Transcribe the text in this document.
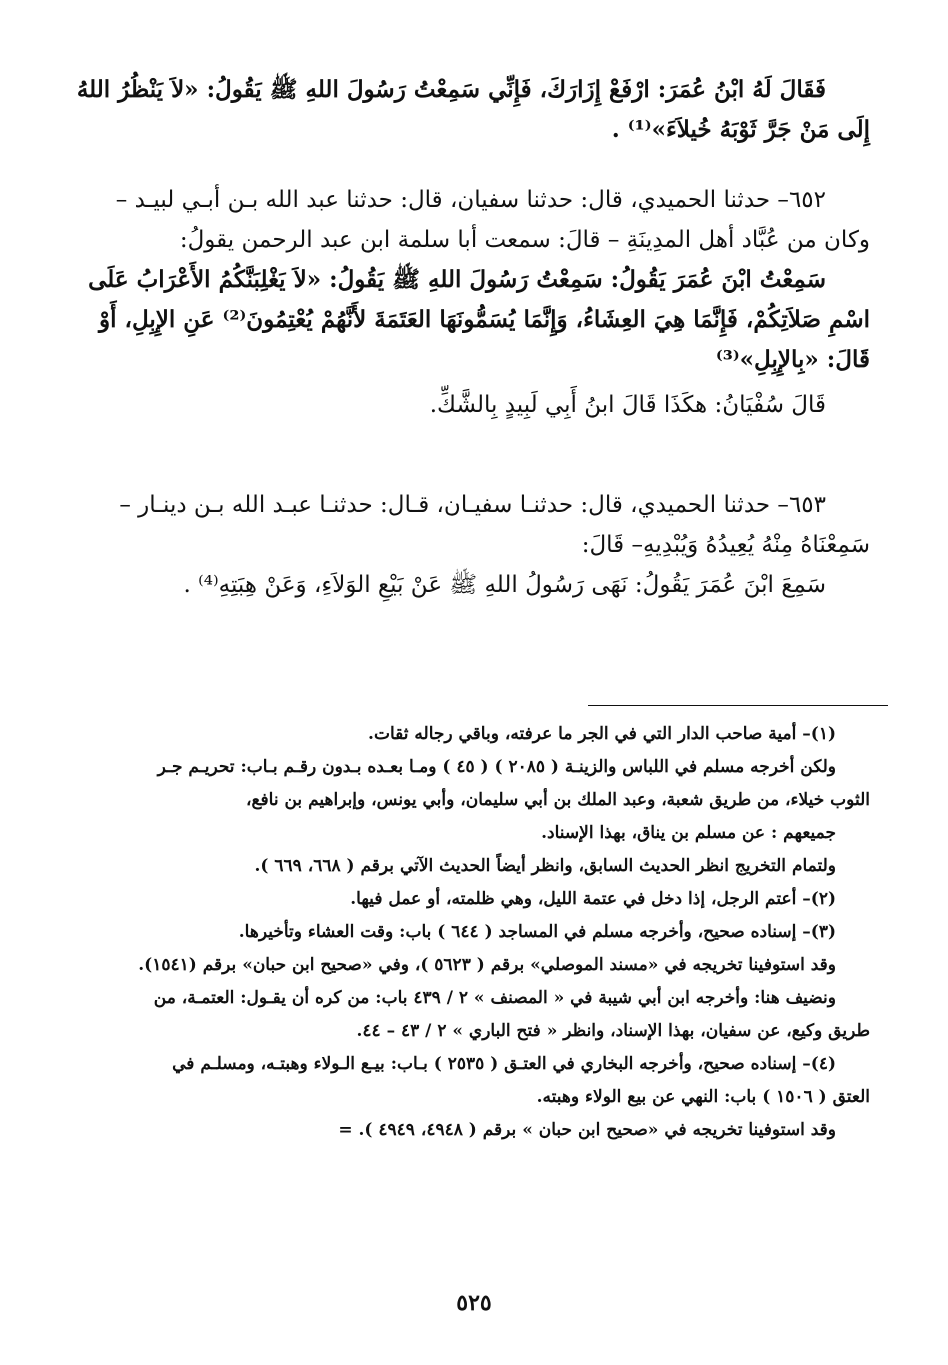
فَقَالَ لَهُ ابْنُ عُمَرَ: ارْفَعْ إِزَارَكَ، فَإِنِّي سَمِعْتُ رَسُولَ اللهِ ﷺ يَقُولُ: «لاَ يَنْظُرُ اللهُ

إِلَى مَنْ جَرَّ ثَوْبَهُ خُيلاَءَ»⁽¹⁾ .

٦٥٢– حدثنا الحميدي، قال: حدثنا سفيان، قال: حدثنا عبد الله بـن أبـي لبيـد –

وكان من عُبَّاد أهل المدِينَةِ – قالَ: سمعت أبا سلمة ابن عبد الرحمن يقولُ:

سَمِعْتُ ابْنَ عُمَرَ يَقُولُ: سَمِعْتُ رَسُولَ اللهِ ﷺ يَقُولُ: «لاَ يَغْلِبَنَّكُمُ الأَعْرَابُ عَلَى

اسْمِ صَلاَتِكُمْ، فَإِنَّمَا هِيَ العِشَاءُ، وَإِنَّمَا يُسَمُّونَهَا العَتَمَةَ لأَنَّهُمْ يُعْتِمُونَ⁽²⁾ عَنِ الإِبِلِ، أَوْ

قَالَ: «بِالإِبِلِ»⁽³⁾

قَالَ سُفْيَانُ: هكَذَا قَالَ ابنُ أَبِي لَبِيدٍ بِالشَّكِّ.

٦٥٣– حدثنا الحميدي، قال: حدثنـا سفيـان، قـال: حدثنـا عبـد الله بـن دينـار –

سَمِعْنَاهُ مِنْهُ يُعِيدُهُ وَيُبْدِيهِ– قَالَ:

سَمِعَ ابْنَ عُمَرَ يَقُولُ: نَهَى رَسُولُ اللهِ ﷺ عَنْ بَيْعِ الوَلاَءِ، وَعَنْ هِبَتِهِ⁽⁴⁾ .

(١)– أمية صاحب الدار التي في الجر ما عرفته، وباقي رجاله ثقات.

ولكن أخرجه مسلم في اللباس والزينـة ( ٢٠٨٥ ) ( ٤٥ ) ومـا بعـده بـدون رقـم بـاب: تحريـم جـر

الثوب خيلاء، من طريق شعبة، وعبد الملك بن أبي سليمان، وأبي يونس، وإبراهيم بن نافع،

جميعهم : عن مسلم بن يناق، بهذا الإسناد.

ولتمام التخريج انظر الحديث السابق، وانظر أيضاً الحديث الآتي برقم ( ٦٦٨، ٦٦٩ ).

(٢)– أعتم الرجل، إذا دخل في عتمة الليل، وهي ظلمته، أو عمل فيها.

(٣)– إسناده صحيح، وأخرجه مسلم في المساجد ( ٦٤٤ ) باب: وقت العشاء وتأخيرها.

وقد استوفينا تخريجه في «مسند الموصلي» برقم ( ٥٦٢٣ )، وفي «صحيح ابن حبان» برقم (١٥٤١).

ونضيف هنا: وأخرجه ابن أبي شيبة في « المصنف » ٢ / ٤٣٩ باب: من كره أن يقـول: العتمـة، من

طريق وكيع، عن سفيان، بهذا الإسناد، وانظر « فتح الباري » ٢ / ٤٣ – ٤٤.

(٤)– إسناده صحيح، وأخرجه البخاري في العتـق ( ٢٥٣٥ ) بـاب: بيـع الـولاء وهبتـه، ومسلـم في

العتق ( ١٥٠٦ ) باب: النهي عن بيع الولاء وهبته.

وقد استوفينا تخريجه في «صحيح ابن حبان » برقم ( ٤٩٤٨، ٤٩٤٩ ). =

٥٢٥
